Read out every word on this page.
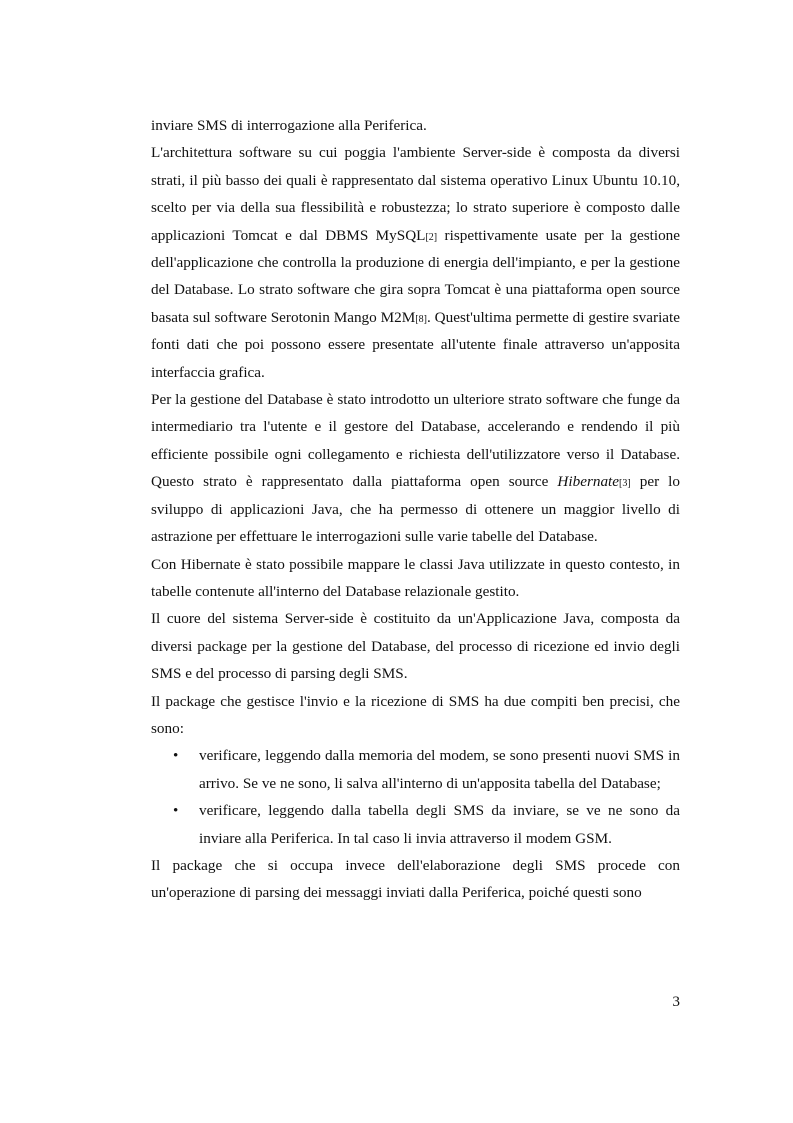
inviare SMS di interrogazione alla Periferica.

L'architettura software su cui poggia l'ambiente Server-side è composta da diversi strati, il più basso dei quali è rappresentato dal sistema operativo Linux Ubuntu 10.10, scelto per via della sua flessibilità e robustezza; lo strato superiore è composto dalle applicazioni Tomcat e dal DBMS MySQL[2] rispettivamente usate per la gestione dell'applicazione che controlla la produzione di energia dell'impianto, e per la gestione del Database. Lo strato software che gira sopra Tomcat è una piattaforma open source basata sul software Serotonin Mango M2M[8]. Quest'ultima permette di gestire svariate fonti dati che poi possono essere presentate all'utente finale attraverso un'apposita interfaccia grafica.

Per la gestione del Database è stato introdotto un ulteriore strato software che funge da intermediario tra l'utente e il gestore del Database, accelerando e rendendo il più efficiente possibile ogni collegamento e richiesta dell'utilizzatore verso il Database. Questo strato è rappresentato dalla piattaforma open source Hibernate[3] per lo sviluppo di applicazioni Java, che ha permesso di ottenere un maggior livello di astrazione per effettuare le interrogazioni sulle varie tabelle del Database.

Con Hibernate è stato possibile mappare le classi Java utilizzate in questo contesto, in tabelle contenute all'interno del Database relazionale gestito.

Il cuore del sistema Server-side è costituito da un'Applicazione Java, composta da diversi package per la gestione del Database, del processo di ricezione ed invio degli SMS e del processo di parsing degli SMS.

Il package che gestisce l'invio e la ricezione di SMS ha due compiti ben precisi, che sono:

• verificare, leggendo dalla memoria del modem, se sono presenti nuovi SMS in arrivo. Se ve ne sono, li salva all'interno di un'apposita tabella del Database;
• verificare, leggendo dalla tabella degli SMS da inviare, se ve ne sono da inviare alla Periferica. In tal caso li invia attraverso il modem GSM.

Il package che si occupa invece dell'elaborazione degli SMS procede con un'operazione di parsing dei messaggi inviati dalla Periferica, poiché questi sono

3
